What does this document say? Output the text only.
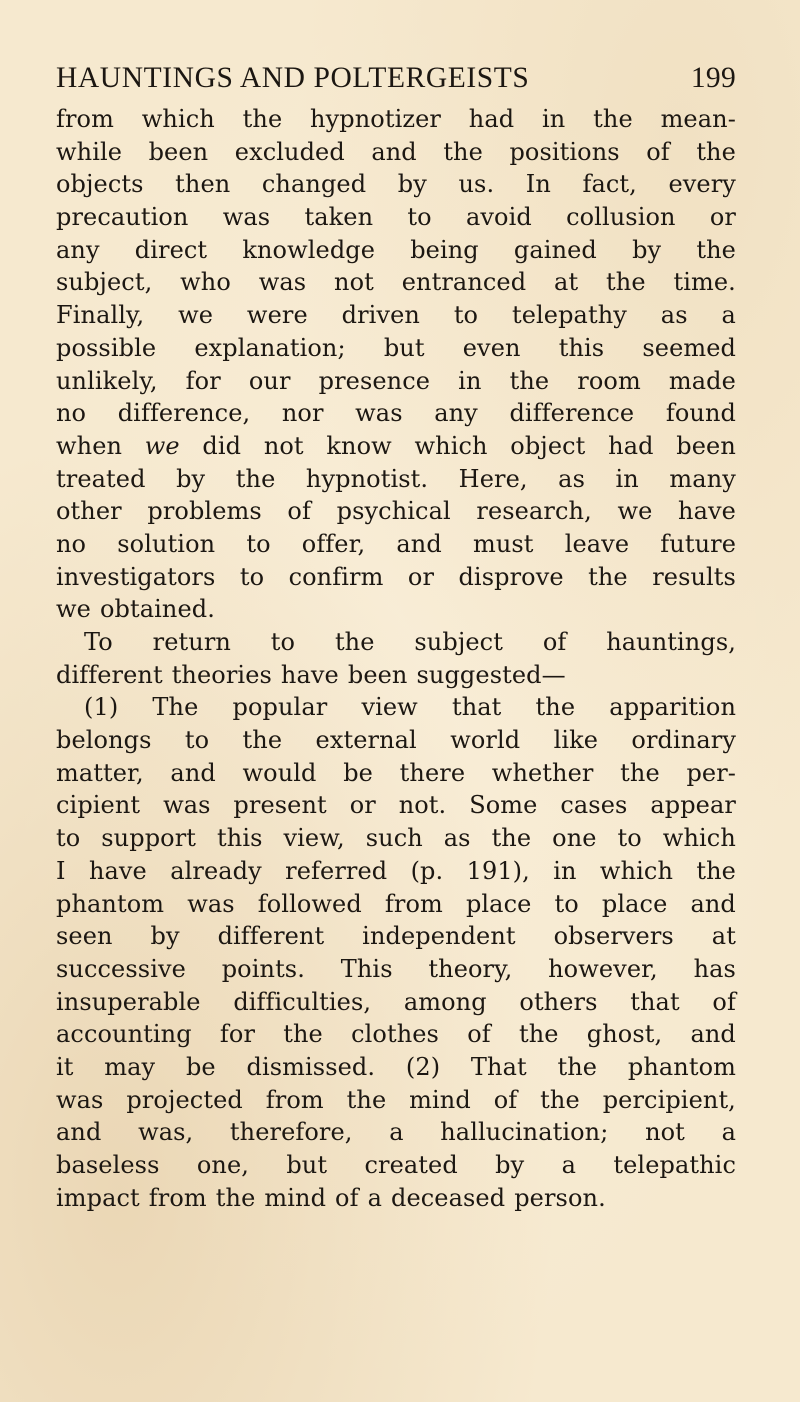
HAUNTINGS AND POLTERGEISTS	199
from which the hypnotizer had in the mean-
while been excluded and the positions of the
objects then changed by us. In fact, every
precaution was taken to avoid collusion or
any direct knowledge being gained by the
subject, who was not entranced at the time.
Finally, we were driven to telepathy as a
possible explanation; but even this seemed
unlikely, for our presence in the room made
no difference, nor was any difference found
when we did not know which object had been
treated by the hypnotist. Here, as in many
other problems of psychical research, we have
no solution to offer, and must leave future
investigators to confirm or disprove the results
we obtained.
To return to the subject of hauntings,
different theories have been suggested—
(1) The popular view that the apparition
belongs to the external world like ordinary
matter, and would be there whether the per-
cipient was present or not. Some cases appear
to support this view, such as the one to which
I have already referred (p. 191), in which the
phantom was followed from place to place and
seen by different independent observers at
successive points. This theory, however, has
insuperable difficulties, among others that of
accounting for the clothes of the ghost, and
it may be dismissed. (2) That the phantom
was projected from the mind of the percipient,
and was, therefore, a hallucination; not a
baseless one, but created by a telepathic
impact from the mind of a deceased person.
